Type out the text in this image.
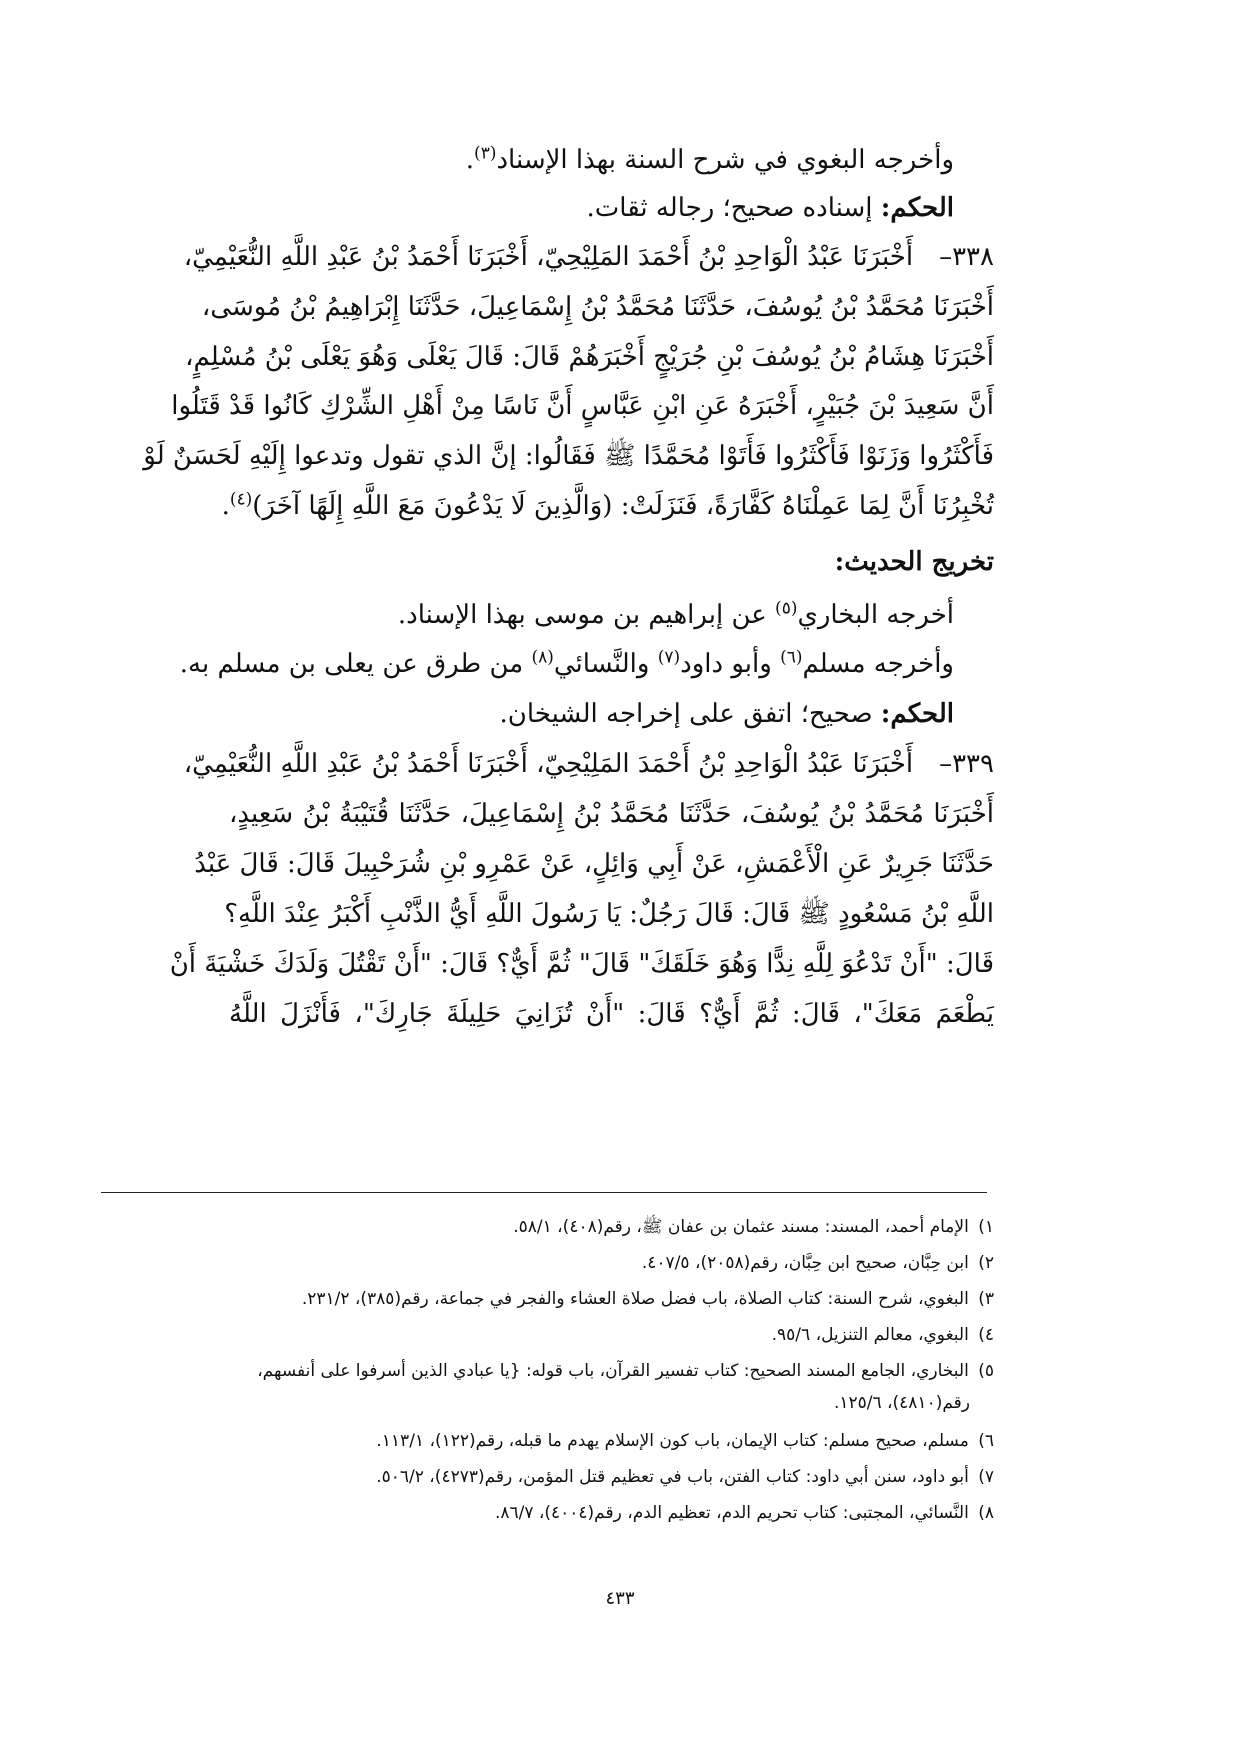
وأخرجه البغوي في شرح السنة بهذا الإسناد$^{(٣)}$.
الحكم: إسناده صحيح؛ رجاله ثقات.
٣٣٨–أَخْبَرَنَا عَبْدُ الْوَاحِدِ بْنُ أَحْمَدَ المَلِيْحِيّ، أَخْبَرَنَا أَحْمَدُ بْنُ عَبْدِ اللَّهِ النُّعَيْمِيّ،
أَخْبَرَنَا مُحَمَّدُ بْنُ يُوسُفَ، حَدَّثَنَا مُحَمَّدُ بْنُ إِسْمَاعِيلَ، حَدَّثَنَا إِبْرَاهِيمُ بْنُ مُوسَى،
أَخْبَرَنَا هِشَامُ بْنُ يُوسُفَ بْنِ جُرَيْجٍ أَخْبَرَهُمْ قَالَ: قَالَ يَعْلَى وَهُوَ يَعْلَى بْنُ مُسْلِمٍ،
أَنَّ سَعِيدَ بْنَ جُبَيْرٍ، أَخْبَرَهُ عَنِ ابْنِ عَبَّاسٍ أَنَّ نَاسًا مِنْ أَهْلِ الشِّرْكِ كَانُوا قَدْ قَتَلُوا
فَأَكْثَرُوا وَزَنَوْا فَأَكْثَرُوا فَأَتَوْا مُحَمَّدًا ﷺ فَقَالُوا: إنَّ الذي تقول وتدعوا إِلَيْهِ لَحَسَنٌ لَوْ
تُخْبِرُنَا أَنَّ لِمَا عَمِلْنَاهُ كَفَّارَةً، فَنَزَلَتْ: (وَالَّذِينَ لَا يَدْعُونَ مَعَ اللَّهِ إِلَهًا آخَرَ)$^{(٤)}$.
تخريج الحديث:
أخرجه البخاري$^{(٥)}$ عن إبراهيم بن موسى بهذا الإسناد.
وأخرجه مسلم$^{(٦)}$ وأبو داود$^{(٧)}$ والنَّسائي$^{(٨)}$ من طرق عن يعلى بن مسلم به.
الحكم: صحيح؛ اتفق على إخراجه الشيخان.
٣٣٩–أَخْبَرَنَا عَبْدُ الْوَاحِدِ بْنُ أَحْمَدَ المَلِيْحِيّ، أَخْبَرَنَا أَحْمَدُ بْنُ عَبْدِ اللَّهِ النُّعَيْمِيّ،
أَخْبَرَنَا مُحَمَّدُ بْنُ يُوسُفَ، حَدَّثَنَا مُحَمَّدُ بْنُ إِسْمَاعِيلَ، حَدَّثَنَا قُتَيْبَةُ بْنُ سَعِيدٍ،
حَدَّثَنَا جَرِيرٌ عَنِ الْأَعْمَشِ، عَنْ أَبِي وَائِلٍ، عَنْ عَمْرِو بْنِ شُرَحْبِيلَ قَالَ: قَالَ عَبْدُ
اللَّهِ بْنُ مَسْعُودٍ ﷺ قَالَ: قَالَ رَجُلٌ: يَا رَسُولَ اللَّهِ أَيُّ الذَّنْبِ أَكْبَرُ عِنْدَ اللَّهِ؟
قَالَ: "أَنْ تَدْعُوَ لِلَّهِ نِدًّا وَهُوَ خَلَقَكَ" قَالَ" ثُمَّ أَيٌّ؟ قَالَ: "أَنْ تَقْتُلَ وَلَدَكَ خَشْيَةَ أَنْ
يَطْعَمَ مَعَكَ"، قَالَ: ثُمَّ أَيٌّ؟ قَالَ: "أَنْ تُزَانِيَ حَلِيلَةَ جَارِكَ"، فَأَنْزَلَ اللَّهُ
١) الإمام أحمد، المسند: مسند عثمان بن عفان ﷺ، رقم(٤٠٨)، ٥٨/١.
٢) ابن حِبَّان، صحيح ابن حِبَّان، رقم(٢٠٥٨)، ٤٠٧/٥.
٣) البغوي، شرح السنة: كتاب الصلاة، باب فضل صلاة العشاء والفجر في جماعة، رقم(٣٨٥)، ٢٣١/٢.
٤) البغوي، معالم التنزيل، ٩٥/٦.
٥) البخاري، الجامع المسند الصحيح: كتاب تفسير القرآن، باب قوله: {يا عبادي الذين أسرفوا على أنفسهم،
رقم(٤٨١٠)، ١٢٥/٦.
٦) مسلم، صحيح مسلم: كتاب الإيمان، باب كون الإسلام يهدم ما قبله، رقم(١٢٢)، ١١٣/١.
٧) أبو داود، سنن أبي داود: كتاب الفتن، باب في تعظيم قتل المؤمن، رقم(٤٢٧٣)، ٥٠٦/٢.
٨) النَّسائي، المجتبى: كتاب تحريم الدم، تعظيم الدم، رقم(٤٠٠٤)، ٨٦/٧.
٤٣٣
